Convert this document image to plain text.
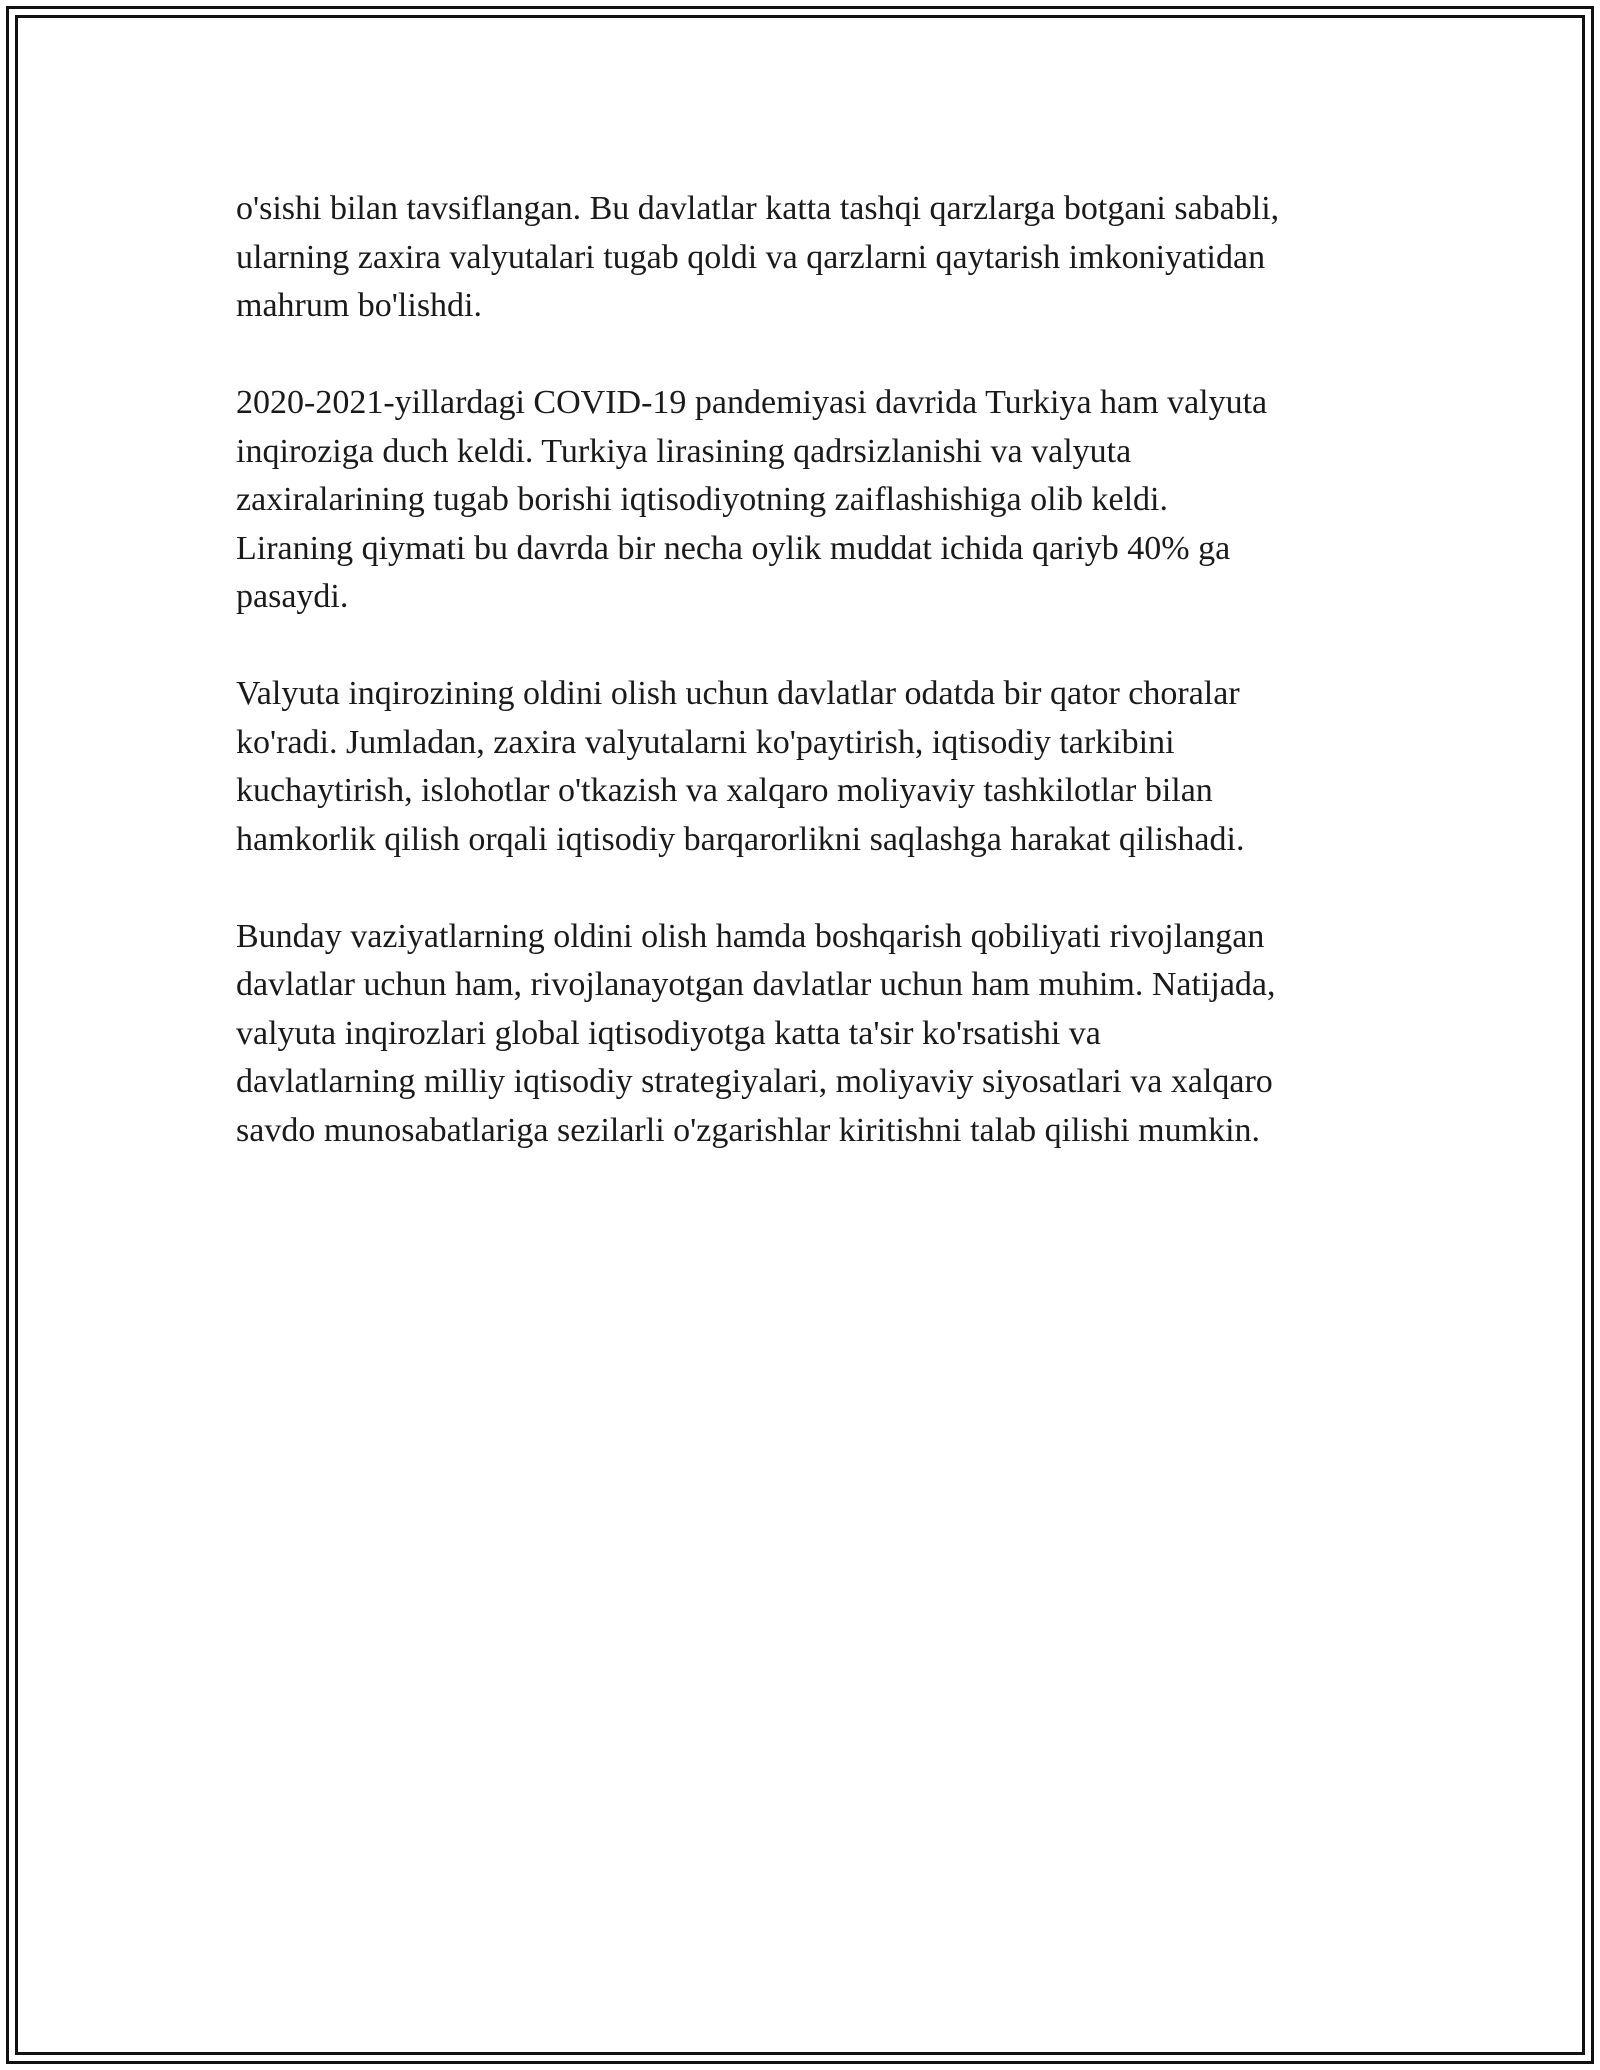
o'sishi bilan tavsiflangan. Bu davlatlar katta tashqi qarzlarga botgani sababli,
ularning zaxira valyutalari tugab qoldi va qarzlarni qaytarish imkoniyatidan
mahrum bo'lishdi.

2020-2021-yillardagi COVID-19 pandemiyasi davrida Turkiya ham valyuta
inqiroziga duch keldi. Turkiya lirasining qadrsizlanishi va valyuta
zaxiralarining tugab borishi iqtisodiyotning zaiflashishiga olib keldi.
Liraning qiymati bu davrda bir necha oylik muddat ichida qariyb 40% ga
pasaydi.

Valyuta inqirozining oldini olish uchun davlatlar odatda bir qator choralar
ko'radi. Jumladan, zaxira valyutalarni ko'paytirish, iqtisodiy tarkibini
kuchaytirish, islohotlar o'tkazish va xalqaro moliyaviy tashkilotlar bilan
hamkorlik qilish orqali iqtisodiy barqarorlikni saqlashga harakat qilishadi.

Bunday vaziyatlarning oldini olish hamda boshqarish qobiliyati rivojlangan
davlatlar uchun ham, rivojlanayotgan davlatlar uchun ham muhim. Natijada,
valyuta inqirozlari global iqtisodiyotga katta ta'sir ko'rsatishi va
davlatlarning milliy iqtisodiy strategiyalari, moliyaviy siyosatlari va xalqaro
savdo munosabatlariga sezilarli o'zgarishlar kiritishni talab qilishi mumkin.
